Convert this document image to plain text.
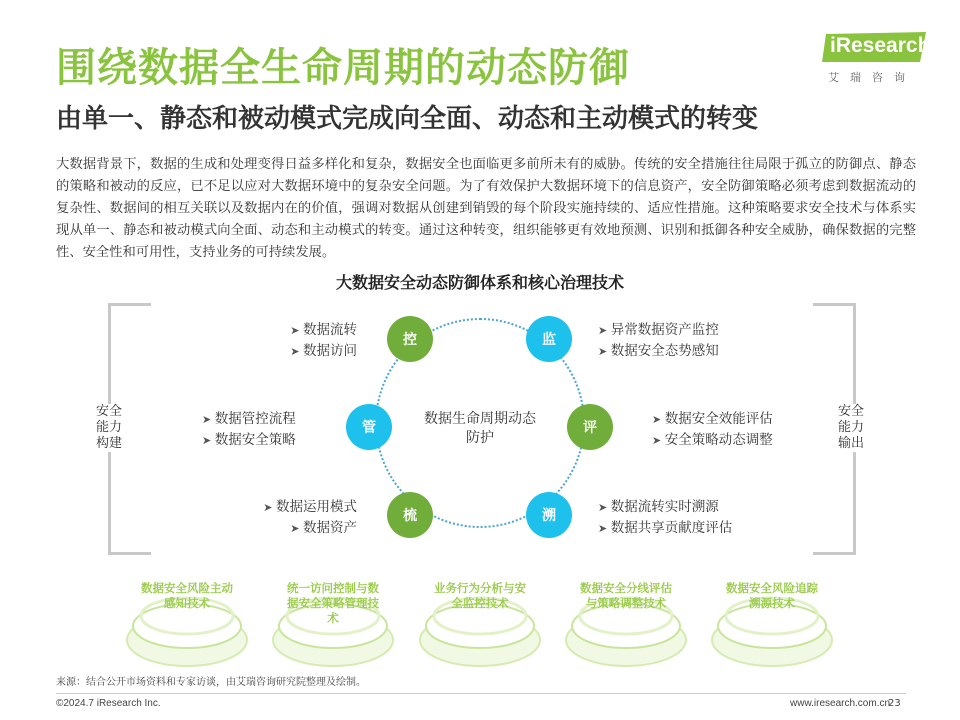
围绕数据全生命周期的动态防御
由单一、静态和被动模式完成向全面、动态和主动模式的转变
iResearch
艾瑞咨询
大数据背景下，数据的生成和处理变得日益多样化和复杂，数据安全也面临更多前所未有的威胁。传统的安全措施往往局限于孤立的防御点、静态的策略和被动的反应，已不足以应对大数据环境中的复杂安全问题。为了有效保护大数据环境下的信息资产，安全防御策略必须考虑到数据流动的复杂性、数据间的相互关联以及数据内在的价值，强调对数据从创建到销毁的每个阶段实施持续的、适应性措施。这种策略要求安全技术与体系实现从单一、静态和被动模式向全面、动态和主动模式的转变。通过这种转变，组织能够更有效地预测、识别和抵御各种安全威胁，确保数据的完整性、安全性和可用性，支持业务的可持续发展。
大数据安全动态防御体系和核心治理技术
安全能力构建
安全能力输出
数据生命周期动态防护
控	监
管	评
梳	溯
➤ 数据流转
➤ 数据访问
➤ 异常数据资产监控
➤ 数据安全态势感知
➤ 数据管控流程
➤ 数据安全策略
➤ 数据安全效能评估
➤ 安全策略动态调整
➤ 数据运用模式
➤ 数据资产
➤ 数据流转实时溯源
➤ 数据共享贡献度评估
数据安全风险主动感知技术
统一访问控制与数据安全策略管理技术
业务行为分析与安全监控技术
数据安全分线评估与策略调整技术
数据安全风险追踪溯源技术
来源：结合公开市场资料和专家访谈，由艾瑞咨询研究院整理及绘制。
©2024.7 iResearch Inc.	www.iresearch.com.cn
23
